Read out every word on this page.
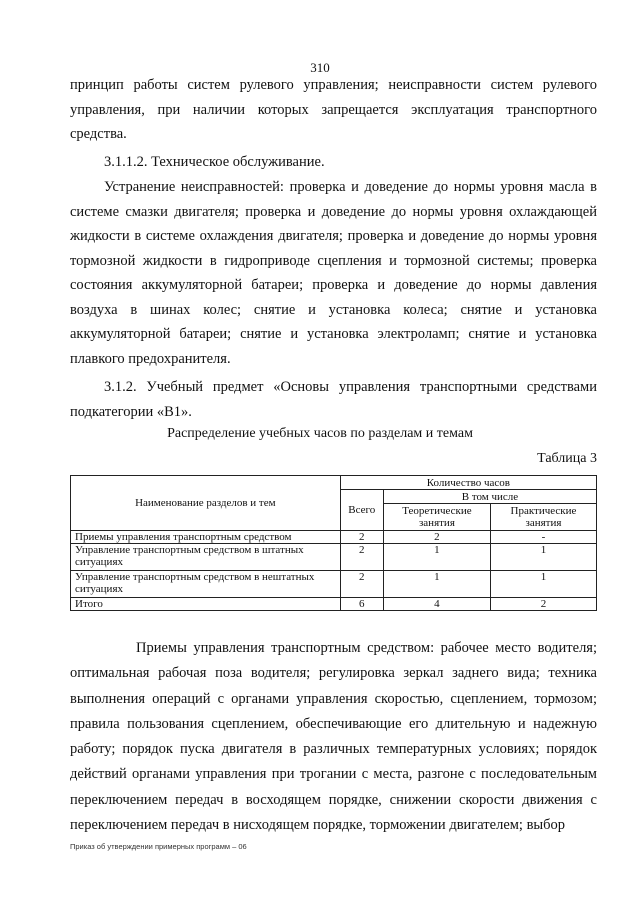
310

принцип работы систем рулевого управления; неисправности систем рулевого управления, при наличии которых запрещается эксплуатация транспортного средства.

3.1.1.2. Техническое обслуживание.

Устранение неисправностей: проверка и доведение до нормы уровня масла в системе смазки двигателя; проверка и доведение до нормы уровня охлаждающей жидкости в системе охлаждения двигателя; проверка и доведение до нормы уровня тормозной жидкости в гидроприводе сцепления и тормозной системы; проверка состояния аккумуляторной батареи; проверка и доведение до нормы давления воздуха в шинах колес; снятие и установка колеса; снятие и установка аккумуляторной батареи; снятие и установка электроламп; снятие и установка плавкого предохранителя.

3.1.2. Учебный предмет «Основы управления транспортными средствами подкатегории «В1».

Распределение учебных часов по разделам и темам
Таблица 3
Наименование разделов и тем	Количество часов		
	Всего	В том числе	
		Теоретические занятия	Практические занятия
Приемы управления транспортным средством	2	2	-
Управление транспортным средством в штатных ситуациях	2	1	1
Управление транспортным средством в нештатных ситуациях	2	1	1
Итого	6	4	2

Приемы управления транспортным средством: рабочее место водителя; оптимальная рабочая поза водителя; регулировка зеркал заднего вида; техника выполнения операций с органами управления скоростью, сцеплением, тормозом; правила пользования сцеплением, обеспечивающие его длительную и надежную работу; порядок пуска двигателя в различных температурных условиях; порядок действий органами управления при трогании с места, разгоне с последовательным переключением передач в восходящем порядке, снижении скорости движения с переключением передач в нисходящем порядке, торможении двигателем; выбор

Приказ об утверждении примерных программ – 06
